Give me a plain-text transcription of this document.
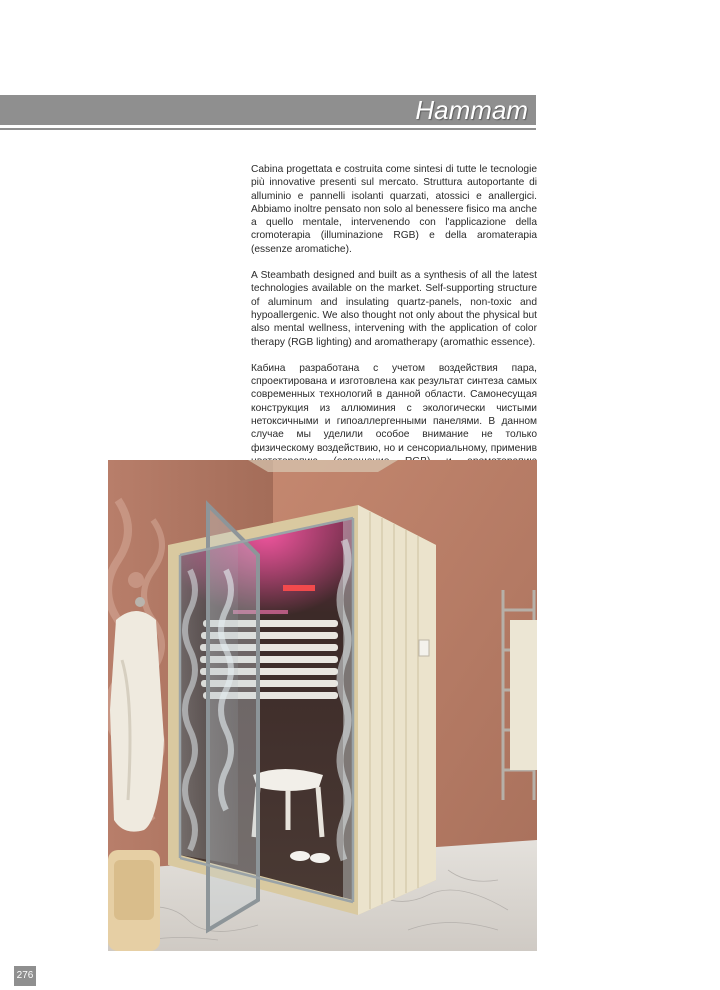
Hammam

Cabina progettata e costruita come sintesi di tutte le tecnologie più innovative presenti sul mercato. Struttura autoportante di alluminio e pannelli isolanti quarzati, atossici e anallergici. Abbiamo inoltre pensato non solo al benessere fisico ma anche a quello mentale, intervenendo con l'applicazione della cromoterapia (illuminazione RGB) e della aromaterapia (essenze aromatiche).

A Steambath designed and built as a synthesis of all the latest technologies available on the market. Self-supporting structure of aluminum and insulating quartz-panels, non-toxic and hypoallergenic. We also thought not only about the physical but also mental wellness, intervening with the application of color therapy (RGB lighting) and aromatherapy (aromathic essence).

Кабина разработана с учетом воздействия пара, спроектирована и изготовлена как результат синтеза самых современных технологий в данной области. Самонесущая конструкция из аллюминия с экологически чистыми нетоксичными и гипоаллергенными панелями. В данном случае мы уделили особое внимание не только физическому воздействию, но и сенсориальному, применив

276
